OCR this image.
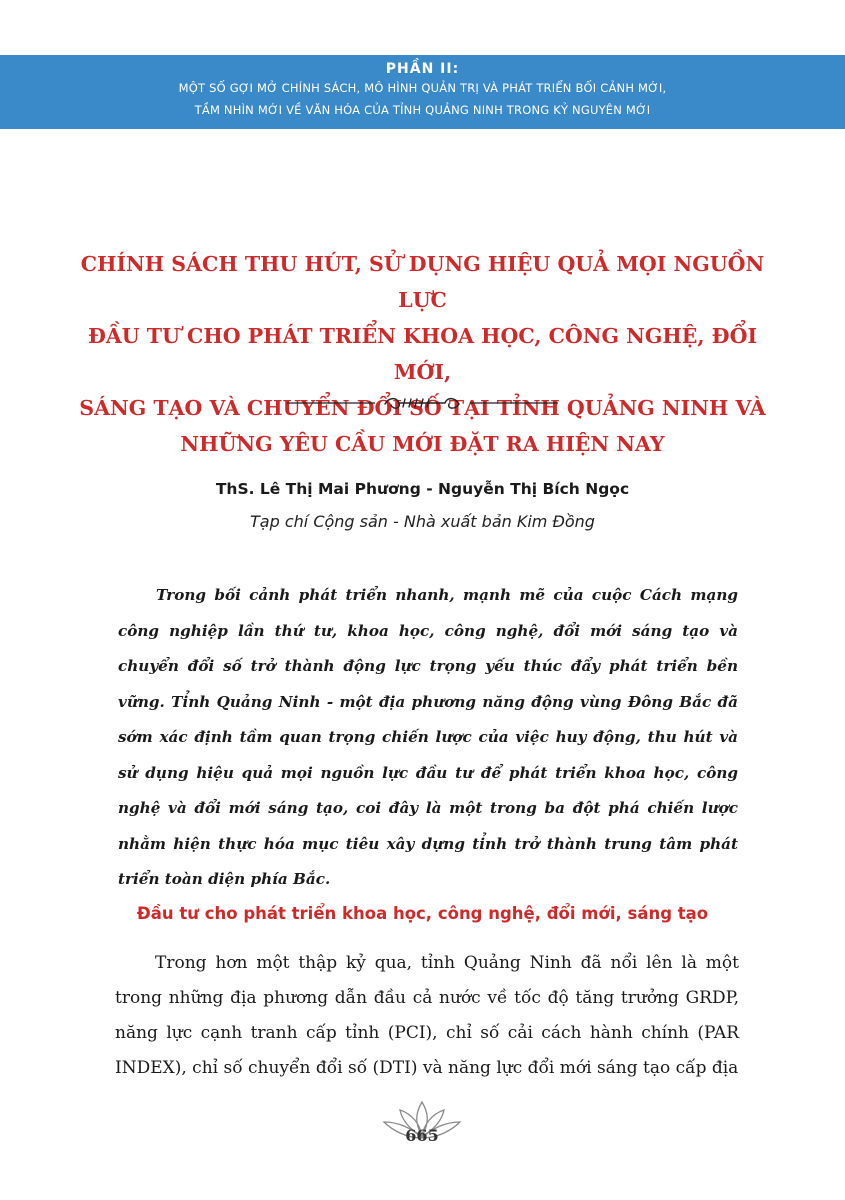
PHẦN II:
MỘT SỐ GỢI MỞ CHÍNH SÁCH, MÔ HÌNH QUẢN TRỊ VÀ PHÁT TRIỂN BỐI CẢNH MỚI,
TẦM NHÌN MỚI VỀ VĂN HÓA CỦA TỈNH QUẢNG NINH TRONG KỶ NGUYÊN MỚI
CHÍNH SÁCH THU HÚT, SỬ DỤNG HIỆU QUẢ MỌI NGUỒN LỰC
ĐẦU TƯ CHO PHÁT TRIỂN KHOA HỌC, CÔNG NGHỆ, ĐỔI MỚI,
SÁNG TẠO VÀ CHUYỂN ĐỔI SỐ TẠI TỈNH QUẢNG NINH VÀ
NHỮNG YÊU CẦU MỚI ĐẶT RA HIỆN NAY
ThS. Lê Thị Mai Phương - Nguyễn Thị Bích Ngọc
Tạp chí Cộng sản - Nhà xuất bản Kim Đồng
Trong bối cảnh phát triển nhanh, mạnh mẽ của cuộc Cách mạng công nghiệp lần thứ tư, khoa học, công nghệ, đổi mới sáng tạo và chuyển đổi số trở thành động lực trọng yếu thúc đẩy phát triển bền vững. Tỉnh Quảng Ninh - một địa phương năng động vùng Đông Bắc đã sớm xác định tầm quan trọng chiến lược của việc huy động, thu hút và sử dụng hiệu quả mọi nguồn lực đầu tư để phát triển khoa học, công nghệ và đổi mới sáng tạo, coi đây là một trong ba đột phá chiến lược nhằm hiện thực hóa mục tiêu xây dựng tỉnh trở thành trung tâm phát triển toàn diện phía Bắc.
Đầu tư cho phát triển khoa học, công nghệ, đổi mới, sáng tạo
Trong hơn một thập kỷ qua, tỉnh Quảng Ninh đã nổi lên là một trong những địa phương dẫn đầu cả nước về tốc độ tăng trưởng GRDP, năng lực cạnh tranh cấp tỉnh (PCI), chỉ số cải cách hành chính (PAR INDEX), chỉ số chuyển đổi số (DTI) và năng lực đổi mới sáng tạo cấp địa
665
